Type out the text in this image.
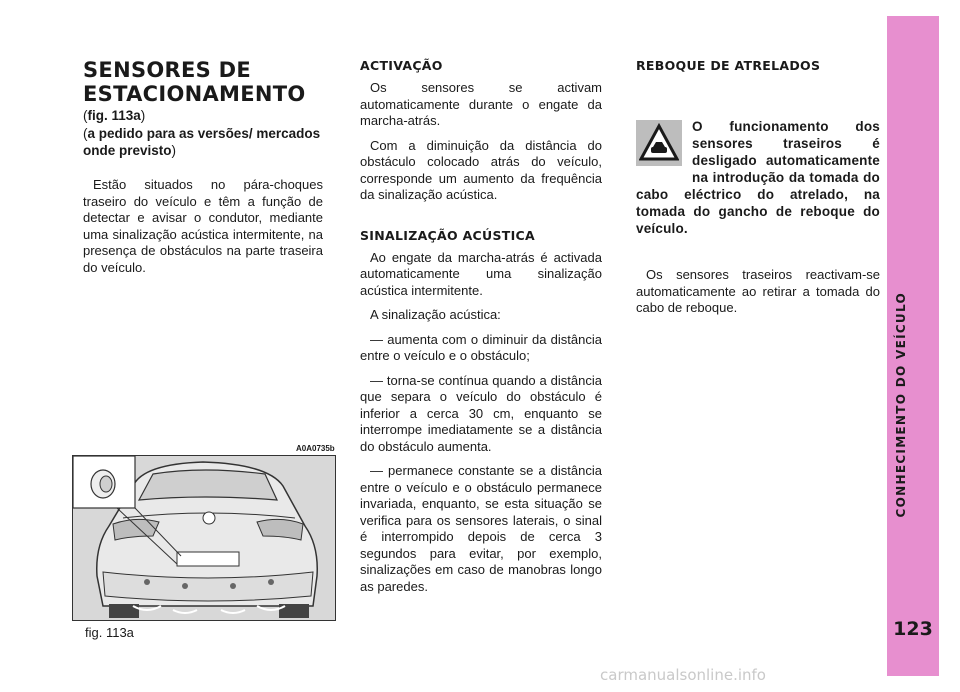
SENSORES DE ESTACIONAMENTO

(fig. 113a)

(a pedido para as versões/ mercados onde previsto)

Estão situados no pára-choques traseiro do veículo e têm a função de detectar e avisar o condutor, mediante uma sinalização acústica intermitente, na presença de obstáculos na parte traseira do veículo.

A0A0735b
fig. 113a
ACTIVAÇÃO

Os sensores se activam automaticamente durante o engate da marcha-atrás.

Com a diminuição da distância do obstáculo colocado atrás do veículo, corresponde um aumento da frequência da sinalização acústica.

SINALIZAÇÃO ACÚSTICA

Ao engate da marcha-atrás é activada automaticamente uma sinalização acústica intermitente.

A sinalização acústica:

— aumenta com o diminuir da distância entre o veículo e o obstáculo;

— torna-se contínua quando a distância que separa o veículo do obstáculo é inferior a cerca 30 cm, enquanto se interrompe imediatamente se a distância do obstáculo aumenta.

— permanece constante se a distância entre o veículo e o obstáculo permanece invariada, enquanto, se esta situação se verifica para os sensores laterais, o sinal é interrompido depois de cerca 3 segundos para evitar, por exemplo, sinalizações em caso de manobras longo as paredes.

REBOQUE DE ATRELADOS

O funcionamento dos sensores traseiros é desligado automaticamente na introdução da tomada do cabo eléctrico do atrelado, na tomada do gancho de reboque do veículo.

Os sensores traseiros reactivam-se automaticamente ao retirar a tomada do cabo de reboque.	CONHECIMENTO DO VEÍCULO
123
carmanualsonline.info
